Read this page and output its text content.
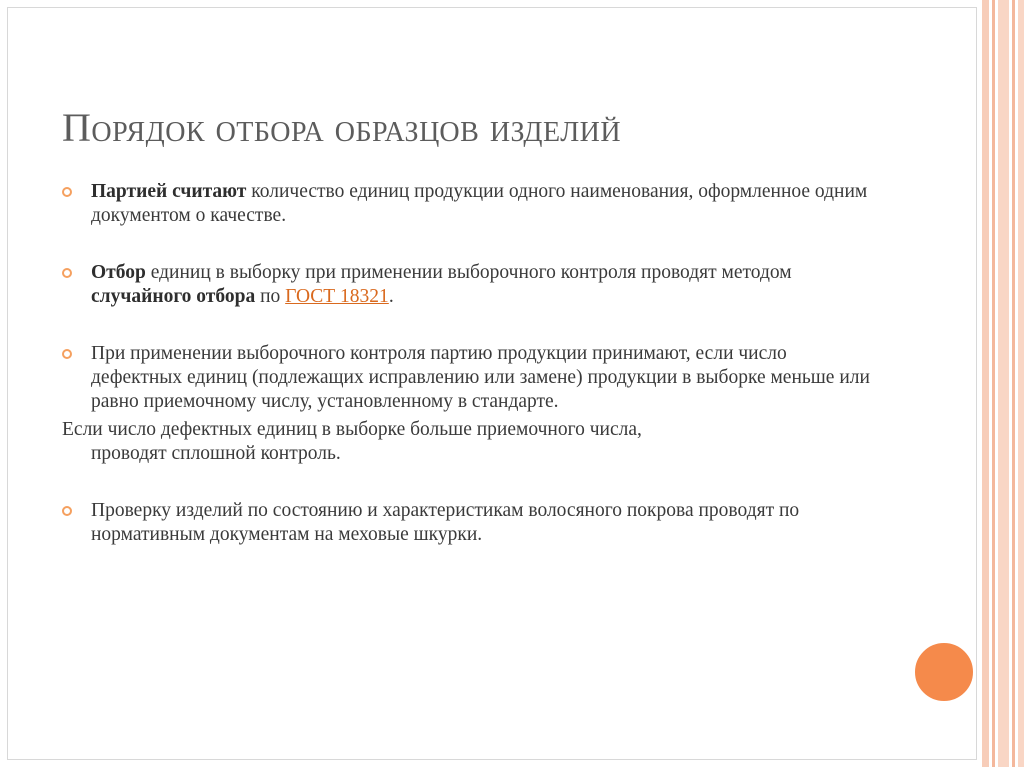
Порядок отбора образцов изделий
Партией считают количество единиц продукции одного наименования, оформленное одним документом о качестве.
Отбор единиц в выборку при применении выборочного контроля проводят методом случайного отбора по ГОСТ 18321.
При применении выборочного контроля партию продукции принимают, если число дефектных единиц (подлежащих исправлению или замене) продукции в выборке меньше или равно приемочному числу, установленному в стандарте.
Если число дефектных единиц в выборке больше приемочного числа,
проводят сплошной контроль.
Проверку изделий по состоянию и характеристикам волосяного покрова проводят по нормативным документам на меховые шкурки.
